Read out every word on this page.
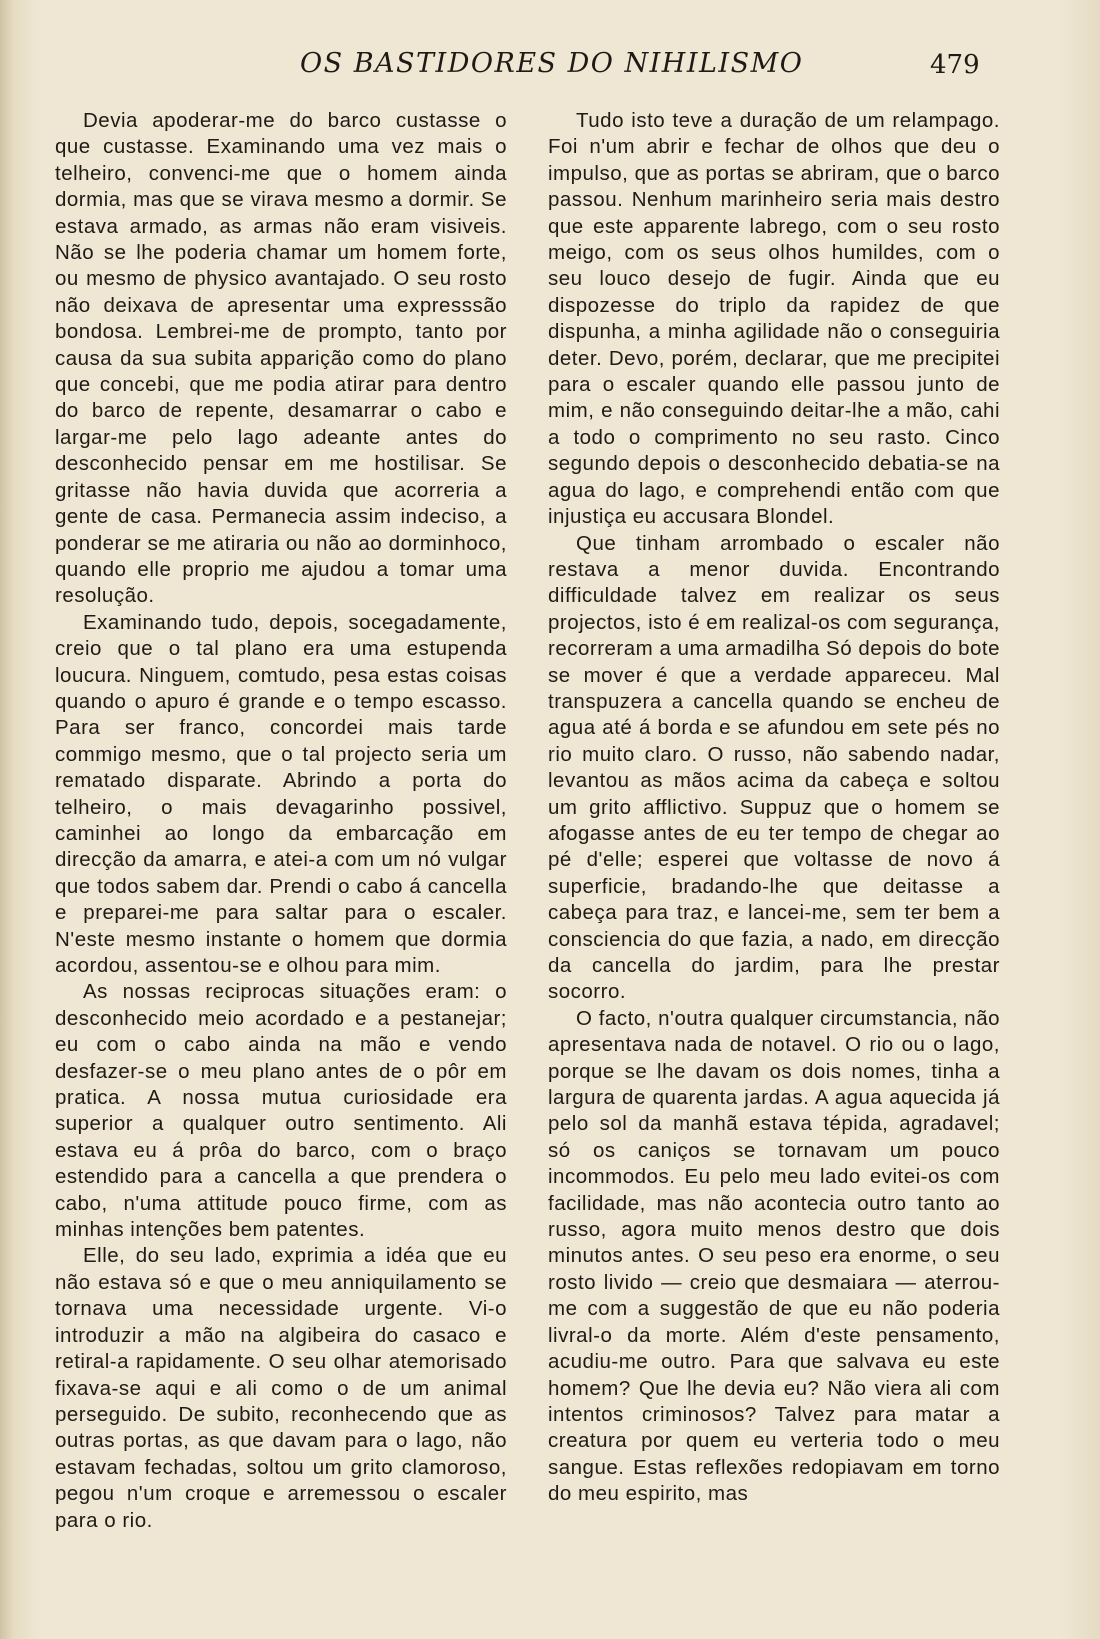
OS BASTIDORES DO NIHILISMO	479

Devia apoderar-me do barco custasse o que custasse. Examinando uma vez mais o telheiro, convenci-me que o homem ainda dormia, mas que se virava mesmo a dormir. Se estava armado, as armas não eram visiveis. Não se lhe poderia chamar um homem forte, ou mesmo de physico avantajado. O seu rosto não deixava de apresentar uma expresssão bondosa. Lembrei-me de prompto, tanto por causa da sua subita apparição como do plano que concebi, que me podia atirar para dentro do barco de repente, desamarrar o cabo e largar-me pelo lago adeante antes do desconhecido pensar em me hostilisar. Se gritasse não havia duvida que acorreria a gente de casa. Permanecia assim indeciso, a ponderar se me atiraria ou não ao dorminhoco, quando elle proprio me ajudou a tomar uma resolução.

Examinando tudo, depois, socegadamente, creio que o tal plano era uma estupenda loucura. Ninguem, comtudo, pesa estas coisas quando o apuro é grande e o tempo escasso. Para ser franco, concordei mais tarde commigo mesmo, que o tal projecto seria um rematado disparate. Abrindo a porta do telheiro, o mais devagarinho possivel, caminhei ao longo da embarcação em direcção da amarra, e atei-a com um nó vulgar que todos sabem dar. Prendi o cabo á cancella e preparei-me para saltar para o escaler. N'este mesmo instante o homem que dormia acordou, assentou-se e olhou para mim.

As nossas reciprocas situações eram: o desconhecido meio acordado e a pestanejar; eu com o cabo ainda na mão e vendo desfazer-se o meu plano antes de o pôr em pratica. A nossa mutua curiosidade era superior a qualquer outro sentimento. Ali estava eu á prôa do barco, com o braço estendido para a cancella a que prendera o cabo, n'uma attitude pouco firme, com as minhas intenções bem patentes.

Elle, do seu lado, exprimia a idéa que eu não estava só e que o meu anniquilamento se tornava uma necessidade urgente. Vi-o introduzir a mão na algibeira do casaco e retiral-a rapidamente. O seu olhar atemorisado fixava-se aqui e ali como o de um animal perseguido. De subito, reconhecendo que as outras portas, as que davam para o lago, não estavam fechadas, soltou um grito clamoroso, pegou n'um croque e arremessou o escaler para o rio.

Tudo isto teve a duração de um relampago. Foi n'um abrir e fechar de olhos que deu o impulso, que as portas se abriram, que o barco passou. Nenhum marinheiro seria mais destro que este apparente labrego, com o seu rosto meigo, com os seus olhos humildes, com o seu louco desejo de fugir. Ainda que eu dispozesse do triplo da rapidez de que dispunha, a minha agilidade não o conseguiria deter. Devo, porém, declarar, que me precipitei para o escaler quando elle passou junto de mim, e não conseguindo deitar-lhe a mão, cahi a todo o comprimento no seu rasto. Cinco segundo depois o desconhecido debatia-se na agua do lago, e comprehendi então com que injustiça eu accusara Blondel.

Que tinham arrombado o escaler não restava a menor duvida. Encontrando difficuldade talvez em realizar os seus projectos, isto é em realizal-os com segurança, recorreram a uma armadilha Só depois do bote se mover é que a verdade appareceu. Mal transpuzera a cancella quando se encheu de agua até á borda e se afundou em sete pés no rio muito claro. O russo, não sabendo nadar, levantou as mãos acima da cabeça e soltou um grito afflictivo. Suppuz que o homem se afogasse antes de eu ter tempo de chegar ao pé d'elle; esperei que voltasse de novo á superficie, bradando-lhe que deitasse a cabeça para traz, e lancei-me, sem ter bem a consciencia do que fazia, a nado, em direcção da cancella do jardim, para lhe prestar socorro.

O facto, n'outra qualquer circumstancia, não apresentava nada de notavel. O rio ou o lago, porque se lhe davam os dois nomes, tinha a largura de quarenta jardas. A agua aquecida já pelo sol da manhã estava tépida, agradavel; só os caniços se tornavam um pouco incommodos. Eu pelo meu lado evitei-os com facilidade, mas não acontecia outro tanto ao russo, agora muito menos destro que dois minutos antes. O seu peso era enorme, o seu rosto livido — creio que desmaiara — aterrou-me com a suggestão de que eu não poderia livral-o da morte. Além d'este pensamento, acudiu-me outro. Para que salvava eu este homem? Que lhe devia eu? Não viera ali com intentos criminosos? Talvez para matar a creatura por quem eu verteria todo o meu sangue. Estas reflexões redopiavam em torno do meu espirito, mas
